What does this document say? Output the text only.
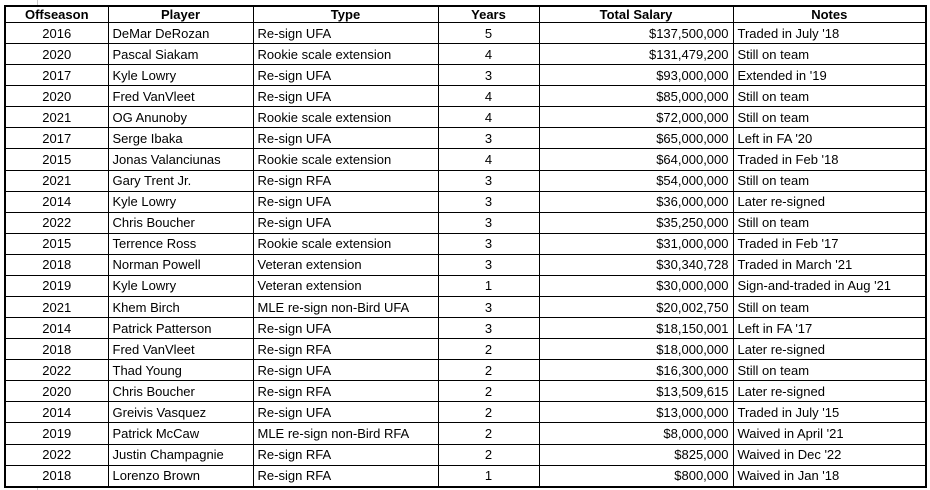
Offseason	Player	Type	Years	Total Salary	Notes
2016	DeMar DeRozan	Re-sign UFA	5	$137,500,000	Traded in July '18
2020	Pascal Siakam	Rookie scale extension	4	$131,479,200	Still on team
2017	Kyle Lowry	Re-sign UFA	3	$93,000,000	Extended in '19
2020	Fred VanVleet	Re-sign UFA	4	$85,000,000	Still on team
2021	OG Anunoby	Rookie scale extension	4	$72,000,000	Still on team
2017	Serge Ibaka	Re-sign UFA	3	$65,000,000	Left in FA '20
2015	Jonas Valanciunas	Rookie scale extension	4	$64,000,000	Traded in Feb '18
2021	Gary Trent Jr.	Re-sign RFA	3	$54,000,000	Still on team
2014	Kyle Lowry	Re-sign UFA	3	$36,000,000	Later re-signed
2022	Chris Boucher	Re-sign UFA	3	$35,250,000	Still on team
2015	Terrence Ross	Rookie scale extension	3	$31,000,000	Traded in Feb '17
2018	Norman Powell	Veteran extension	3	$30,340,728	Traded in March '21
2019	Kyle Lowry	Veteran extension	1	$30,000,000	Sign-and-traded in Aug '21
2021	Khem Birch	MLE re-sign non-Bird UFA	3	$20,002,750	Still on team
2014	Patrick Patterson	Re-sign UFA	3	$18,150,001	Left in FA '17
2018	Fred VanVleet	Re-sign RFA	2	$18,000,000	Later re-signed
2022	Thad Young	Re-sign UFA	2	$16,300,000	Still on team
2020	Chris Boucher	Re-sign RFA	2	$13,509,615	Later re-signed
2014	Greivis Vasquez	Re-sign UFA	2	$13,000,000	Traded in July '15
2019	Patrick McCaw	MLE re-sign non-Bird RFA	2	$8,000,000	Waived in April '21
2022	Justin Champagnie	Re-sign RFA	2	$825,000	Waived in Dec '22
2018	Lorenzo Brown	Re-sign RFA	1	$800,000	Waived in Jan '18
